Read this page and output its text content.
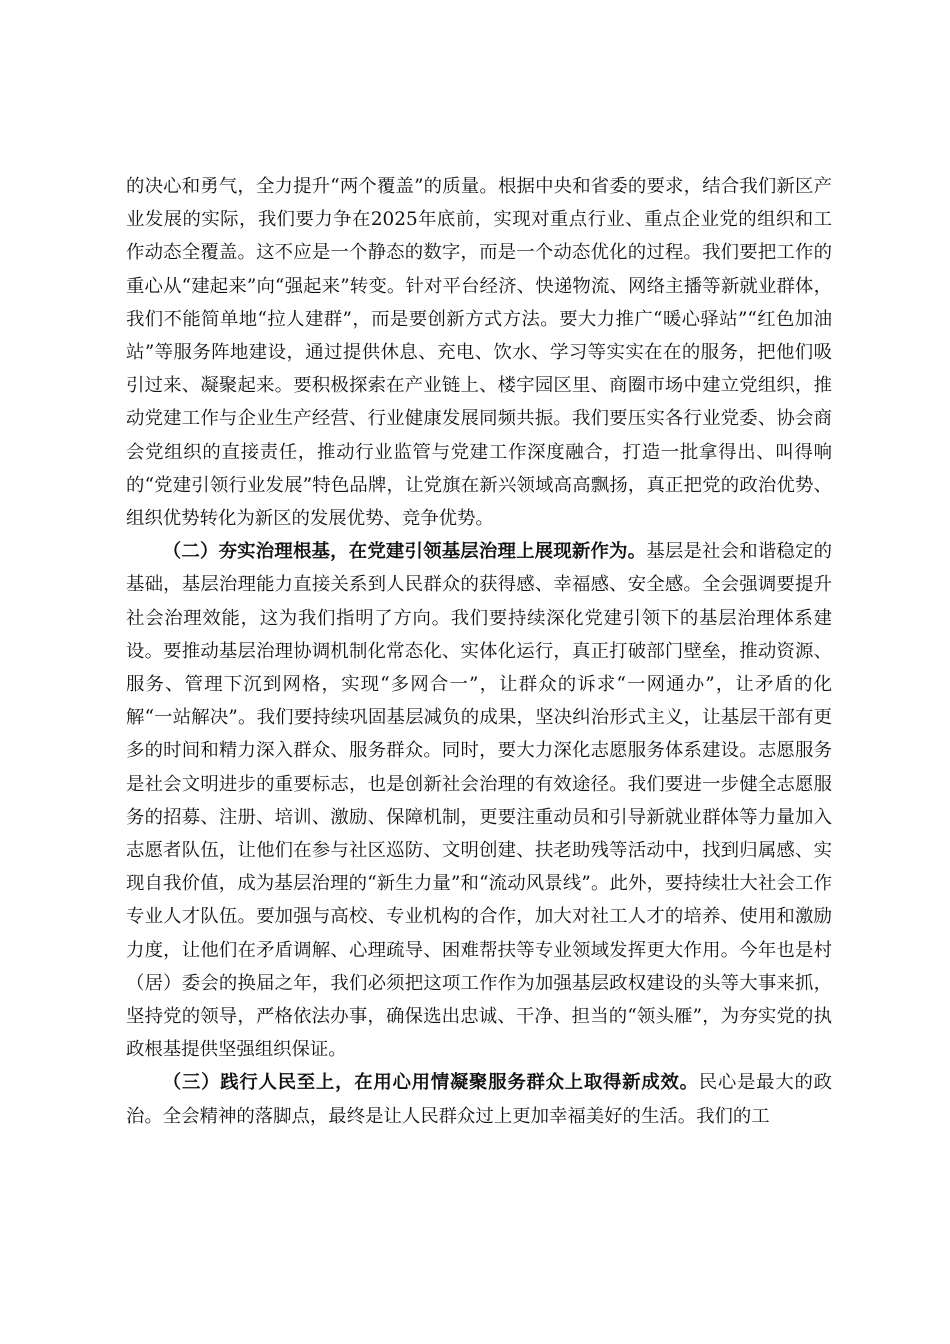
的决心和勇气，全力提升“两个覆盖”的质量。根据中央和省委的要求，结合我们新区产业发展的实际，我们要力争在2025年底前，实现对重点行业、重点企业党的组织和工作动态全覆盖。这不应是一个静态的数字，而是一个动态优化的过程。我们要把工作的重心从“建起来”向“强起来”转变。针对平台经济、快递物流、网络主播等新就业群体，我们不能简单地“拉人建群”，而是要创新方式方法。要大力推广“暖心驿站”“红色加油站”等服务阵地建设，通过提供休息、充电、饮水、学习等实实在在的服务，把他们吸引过来、凝聚起来。要积极探索在产业链上、楼宇园区里、商圈市场中建立党组织，推动党建工作与企业生产经营、行业健康发展同频共振。我们要压实各行业党委、协会商会党组织的直接责任，推动行业监管与党建工作深度融合，打造一批拿得出、叫得响的“党建引领行业发展”特色品牌，让党旗在新兴领域高高飘扬，真正把党的政治优势、组织优势转化为新区的发展优势、竞争优势。

（二）夯实治理根基，在党建引领基层治理上展现新作为。基层是社会和谐稳定的基础，基层治理能力直接关系到人民群众的获得感、幸福感、安全感。全会强调要提升社会治理效能，这为我们指明了方向。我们要持续深化党建引领下的基层治理体系建设。要推动基层治理协调机制化常态化、实体化运行，真正打破部门壁垒，推动资源、服务、管理下沉到网格，实现“多网合一”，让群众的诉求“一网通办”，让矛盾的化解“一站解决”。我们要持续巩固基层减负的成果，坚决纠治形式主义，让基层干部有更多的时间和精力深入群众、服务群众。同时，要大力深化志愿服务体系建设。志愿服务是社会文明进步的重要标志，也是创新社会治理的有效途径。我们要进一步健全志愿服务的招募、注册、培训、激励、保障机制，更要注重动员和引导新就业群体等力量加入志愿者队伍，让他们在参与社区巡防、文明创建、扶老助残等活动中，找到归属感、实现自我价值，成为基层治理的“新生力量”和“流动风景线”。此外，要持续壮大社会工作专业人才队伍。要加强与高校、专业机构的合作，加大对社工人才的培养、使用和激励力度，让他们在矛盾调解、心理疏导、困难帮扶等专业领域发挥更大作用。今年也是村（居）委会的换届之年，我们必须把这项工作作为加强基层政权建设的头等大事来抓，坚持党的领导，严格依法办事，确保选出忠诚、干净、担当的“领头雁”，为夯实党的执政根基提供坚强组织保证。

（三）践行人民至上，在用心用情凝聚服务群众上取得新成效。民心是最大的政治。全会精神的落脚点，最终是让人民群众过上更加幸福美好的生活。我们的工
